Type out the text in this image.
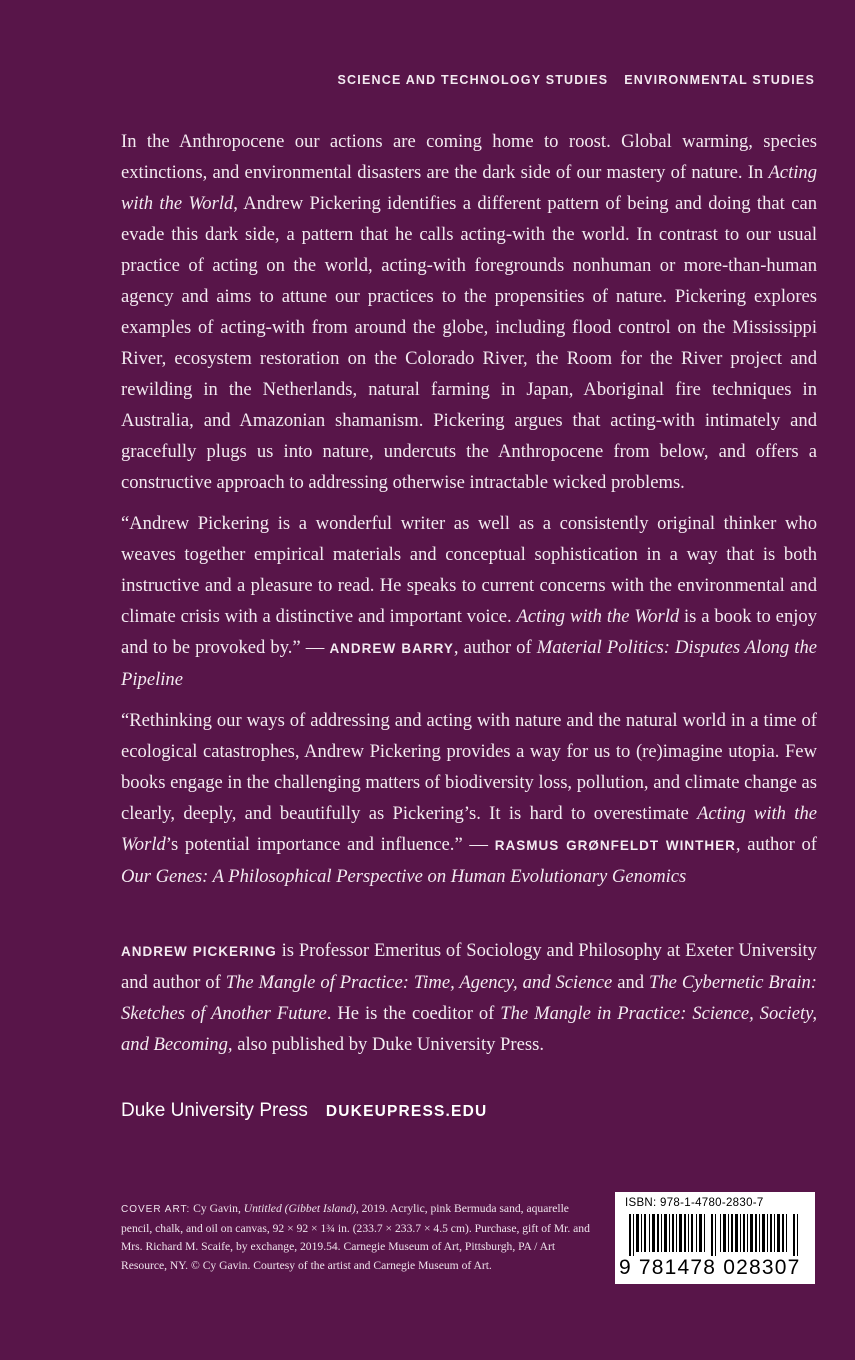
SCIENCE AND TECHNOLOGY STUDIES ENVIRONMENTAL STUDIES

In the Anthropocene our actions are coming home to roost. Global warming, species extinctions, and environmental disasters are the dark side of our mastery of nature. In Acting with the World, Andrew Pickering identifies a different pattern of being and doing that can evade this dark side, a pattern that he calls acting-with the world. In contrast to our usual practice of acting on the world, acting-with foregrounds nonhuman or more-than-human agency and aims to attune our practices to the propensities of nature. Pickering explores examples of acting-with from around the globe, including flood control on the Mississippi River, ecosystem restoration on the Colorado River, the Room for the River project and rewilding in the Netherlands, natural farming in Japan, Aboriginal fire techniques in Australia, and Amazonian shamanism. Pickering argues that acting-with intimately and gracefully plugs us into nature, undercuts the Anthropocene from below, and offers a constructive approach to addressing otherwise intractable wicked problems.

“Andrew Pickering is a wonderful writer as well as a consistently original thinker who weaves together empirical materials and conceptual sophistication in a way that is both instructive and a pleasure to read. He speaks to current concerns with the environmental and climate crisis with a distinctive and important voice. Acting with the World is a book to enjoy and to be provoked by.” — ANDREW BARRY, author of Material Politics: Disputes Along the Pipeline

“Rethinking our ways of addressing and acting with nature and the natural world in a time of ecological catastrophes, Andrew Pickering provides a way for us to (re)imagine utopia. Few books engage in the challenging matters of biodiversity loss, pollution, and climate change as clearly, deeply, and beautifully as Pickering’s. It is hard to overestimate Acting with the World’s potential importance and influence.” — RASMUS GRØNFELDT WINTHER, author of Our Genes: A Philosophical Perspective on Human Evolutionary Genomics

ANDREW PICKERING is Professor Emeritus of Sociology and Philosophy at Exeter University and author of The Mangle of Practice: Time, Agency, and Science and The Cybernetic Brain: Sketches of Another Future. He is the coeditor of The Mangle in Practice: Science, Society, and Becoming, also published by Duke University Press.

Duke University Press DUKEUPRESS.EDU

COVER ART: Cy Gavin, Untitled (Gibbet Island), 2019. Acrylic, pink Bermuda sand, aquarelle pencil, chalk, and oil on canvas, 92 × 92 × 1¾ in. (233.7 × 233.7 × 4.5 cm). Purchase, gift of Mr. and Mrs. Richard M. Scaife, by exchange, 2019.54. Carnegie Museum of Art, Pittsburgh, PA / Art Resource, NY. © Cy Gavin. Courtesy of the artist and Carnegie Museum of Art.

ISBN: 978-1-4780-2830-7
9 781478 028307
